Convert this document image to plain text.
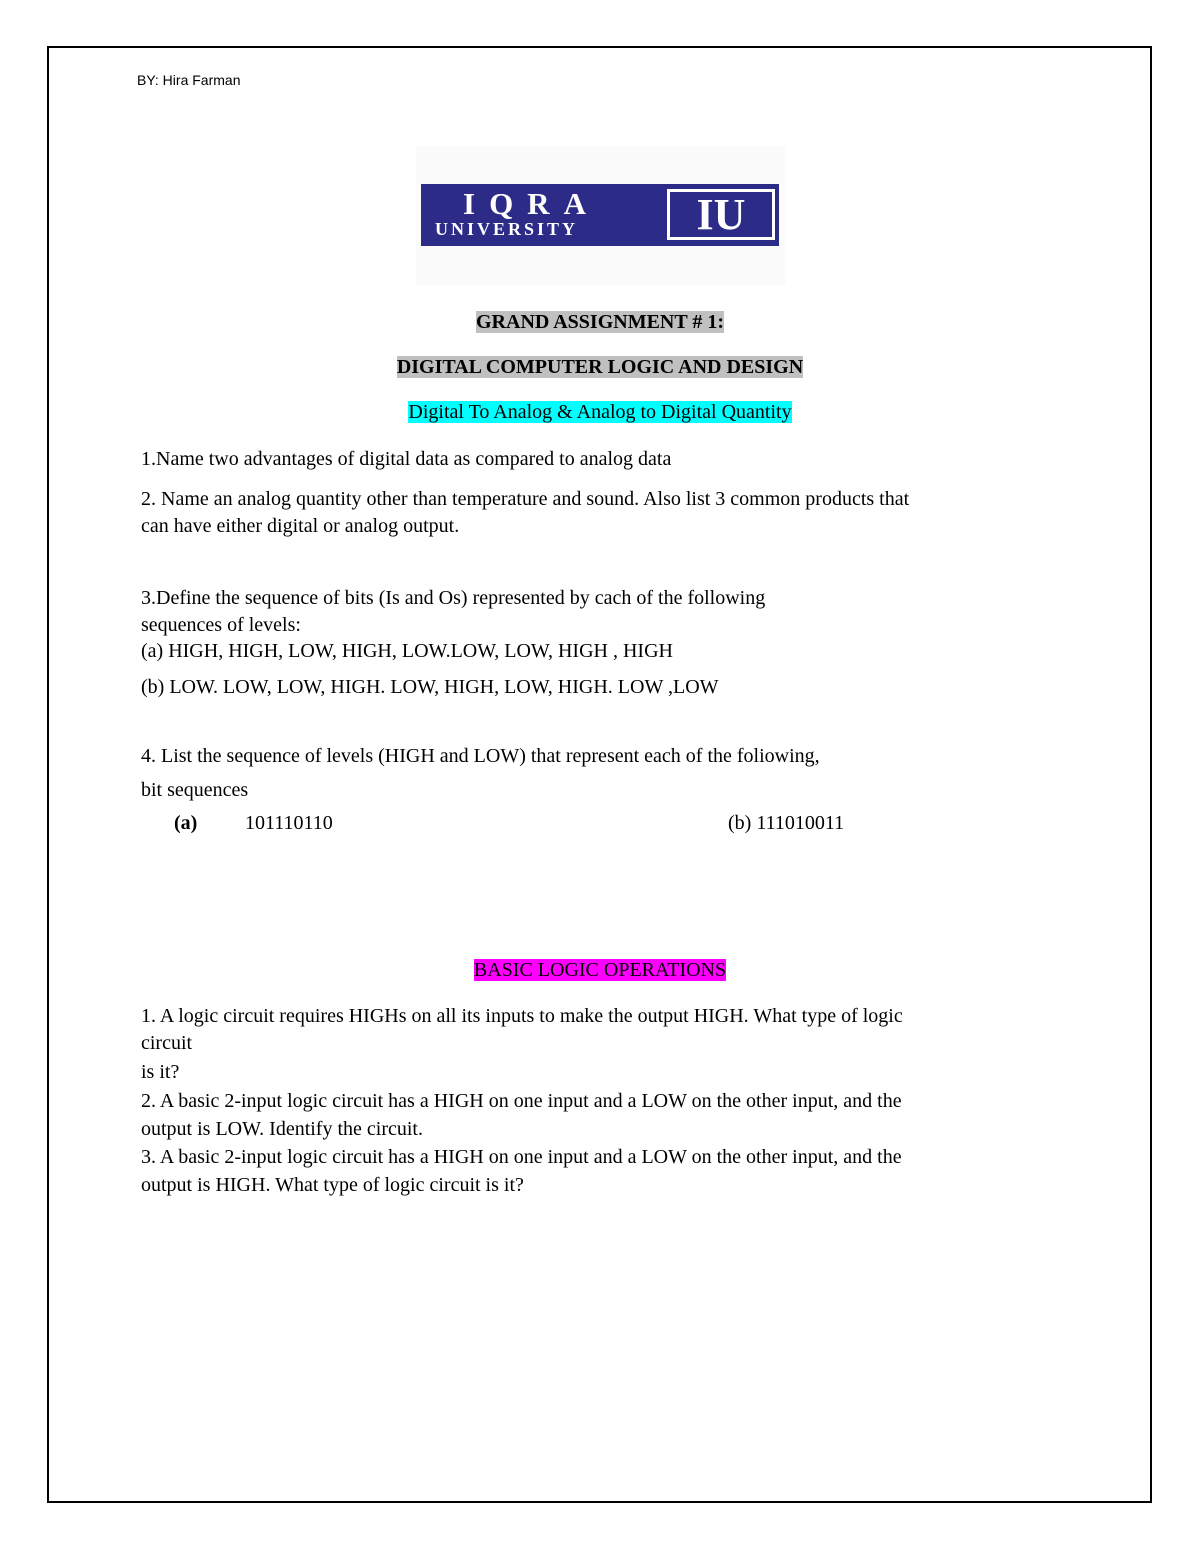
BY: Hira Farman
IQRA
UNIVERSITY	IU
GRAND ASSIGNMENT # 1:
DIGITAL COMPUTER LOGIC AND DESIGN
Digital To Analog & Analog to Digital Quantity
1.Name two advantages of digital data as compared to analog data
2. Name an analog quantity other than temperature and sound. Also list 3 common products that
can have either digital or analog output.
3.Define the sequence of bits (Is and Os) represented by cach of the following
sequences of levels:
(a) HIGH, HIGH, LOW, HIGH, LOW.LOW, LOW, HIGH , HIGH
(b) LOW. LOW, LOW, HIGH. LOW, HIGH, LOW, HIGH. LOW ,LOW
4. List the sequence of levels (HIGH and LOW) that represent each of the foliowing,
bit sequences
(a) 101110110	(b) 111010011
BASIC LOGIC OPERATIONS
1. A logic circuit requires HIGHs on all its inputs to make the output HIGH. What type of logic
circuit
is it?
2. A basic 2-input logic circuit has a HIGH on one input and a LOW on the other input, and the
output is LOW. Identify the circuit.
3. A basic 2-input logic circuit has a HIGH on one input and a LOW on the other input, and the
output is HIGH. What type of logic circuit is it?
